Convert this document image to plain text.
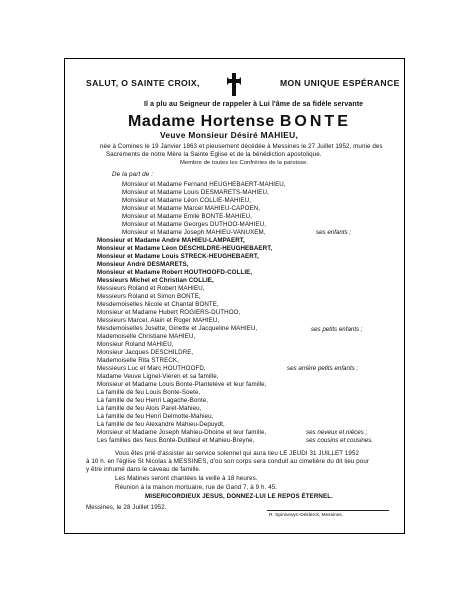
SALUT, O SAINTE CROIX,	MON UNIQUE ESPÉRANCE
Il a plu au Seigneur de rappeler à Lui l'âme de sa fidèle servante
Madame Hortense BONTE
Veuve Monsieur Désiré MAHIEU,
née à Comines le 19 Janvier 1863 et pieusement décédée à Messines le 27 Juillet 1952, munie des
Sacrements de notre Mère la Sainte Eglise et de la bénédiction apostolique.
Membre de toutes les Confréries de la paroisse.
De la part de :
Monsieur et Madame Fernand HEUGHEBAERT-MAHIEU,
Monsieur et Madame Louis DESMARETS-MAHIEU,
Monsieur et Madame Léon COLLIE-MAHIEU,
Monsieur et Madame Marcel MAHIEU-CAPOEN,
Monsieur et Madame Emile BONTE-MAHIEU,
Monsieur et Madame Georges DUTHOO-MAHIEU,
Monsieur et Madame Joseph MAHIEU-VANUXEM,	ses enfants ;
Monsieur et Madame André MAHIEU-LAMPAERT,
Monsieur et Madame Léon DESCHILDRE-HEUGHEBAERT,
Monsieur et Madame Louis STRECK-HEUGHEBAERT,
Monsieur André DESMARETS,
Monsieur et Madame Robert HOUTHOOFD-COLLIE,
Messieurs Michel et Christian COLLIE,
Messieurs Roland et Robert MAHIEU,
Messieurs Roland et Simon BONTE,
Mesdemoiselles Nicole et Chantal BONTE,
Monsieur et Madame Hubert ROGIERS-DUTHOO,
Messieurs Marcel, Alain et Roger MAHIEU,
Mesdemoiselles Josette, Ginette et Jacqueline MAHIEU,	ses petits enfants ;
Mademoiselle Christiane MAHIEU,
Monsieur Roland MAHIEU,
Monsieur Jacques DESCHILDRE,
Mademoiselle Rita STRECK,
Messieurs Luc et Marc HOUTHOOFD,	ses arrière petits enfants ;
Madame Veuve Lignel-Vieren et sa famille,
Monsieur et Madame Louis Bonte-Planteléve et leur famille,
La famille de feu Louis Bonte-Soete,
La famille de feu Henri Lagache-Bonte,
La famille de feu Alois Paret-Mahieu,
La famille de feu Henri Delmotte-Mahieu,
La famille de feu Alexandre Mahieu-Depuydt,
Monsieur et Madame Joseph Mahieu-Dhoine et leur famille,	ses neveux et nièces ;
Les familles des feus Bonte-Dutilleul et Mahieu-Breyne,	ses cousins et cousines.
Vous êtes prié d'assister au service solennel qui aura lieu LE JEUDI 31 JUILLET 1952
à 10 h. en l'église St Nicolas à MESSINES, d'où son corps sera conduit au cimetière du dit lieu pour
y être inhumé dans le caveau de famille.
Les Matines seront chantées la veille à 18 heures.
Réunion à la maison mortuaire, rue de Gand 7, à 9 h. 45.
MISERICORDIEUX JESUS, DONNEZ-LUI LE REPOS ÉTERNEL.
Messines, le 28 Juillet 1952.
R. Spinnewyn-Deklerck, Messines.
